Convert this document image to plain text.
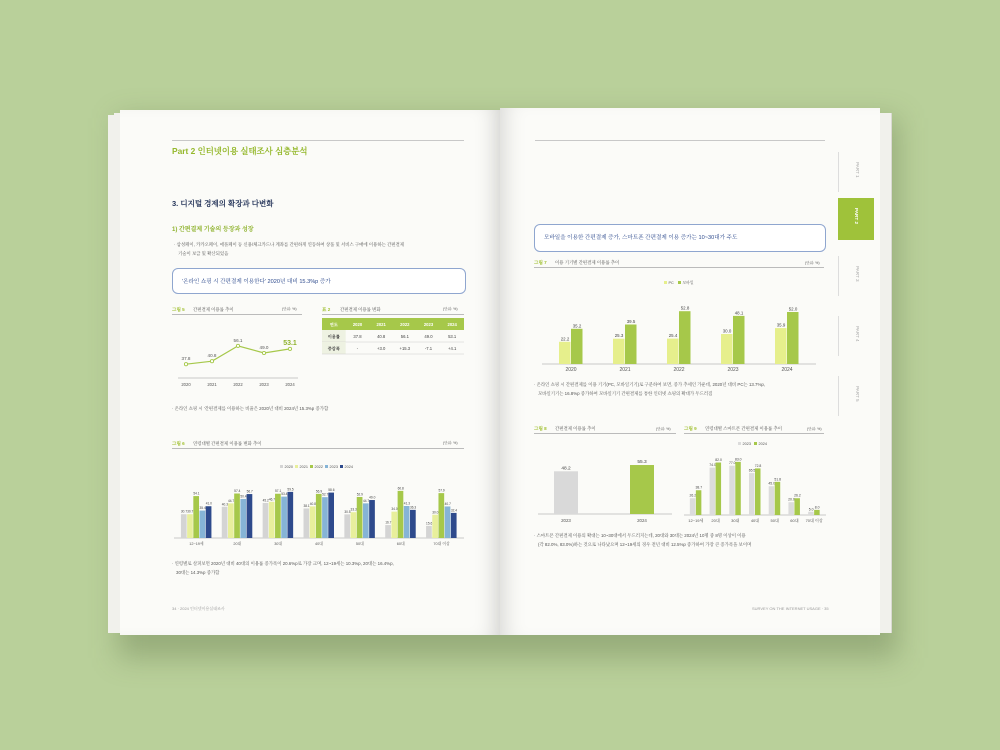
Part 2 인터넷이용 실태조사 심층분석
3. 디지털 경제의 확장과 다변화
1) 간편결제 기술의 등장과 성장
· 삼성페이, 카카오페이, 애플페이 등 신용/체크카드나 계좌를 간편하게 연동하여 상품 및 서비스 구매에 이용하는 간편결제
기술이 보급 및 확산되었음
'온라인 쇼핑 시 간편결제 이용한다' 2020년 대비 15.3%p 증가
그림 5 간편결제 이용률 추이	(단위: %)
37.8
2020
40.8
2021
56.1
2022
49.0
2023
53.1
2024
표 2 간편결제 이용률 변화	(단위: %)
연도	2020	2021	2022	2023	2024
이용률	37.8	40.8	56.1	49.0	53.1
증감폭	-	+3.0	+15.3	-7.1	+4.1
· 온라인 쇼핑 시 '간편결제를 이용하는 비율은 2020년 대비 2024년 15.3%p 증가함
그림 6 연령대별 간편결제 이용률 변화 추이	(단위: %)
30.7 30.7
54.1
35.4
41.0
12~19세
40.3
44.7
57.4
50.4
56.7
20대
45.2 46.7
57.1
53.4
59.5
30대
38.1
40.8
56.9
52.7
58.6
40대
30.5
33.3
52.9
44.7
49.0
50대
16.7
34.0
60.8
41.3
36.3
60대
15.6
30.0
57.9
40.7
32.4
70대 이상
2020 2021 2022 2023 2024
· 연령별로 살펴보면 2020년 대비 40대의 이용률 증가폭이 20.6%p로 가장 크며, 12~19세는 10.3%p, 20대는 16.4%p,
30대는 14.3%p 증가함
34 · 2024 인터넷이용실태조사
PART 1
PART 2
PART 3
PART 4
PART 5
모바일을 이용한 간편결제 증가, 스마트폰 간편결제 이용 증가는 10~30대가 주도
그림 7 이용 기기별 간편결제 이용률 추이	(단위: %)
22.2
35.2
2020
25.3
39.5
2021
25.4
52.8
2022
30.0
48.1
2023
35.9
52.0
2024
PC 모바일
· 온라인 쇼핑 시 간편결제를 이용 기기(PC, 모바일기기)로 구분하여 보면, 증가 추세인 가운데, 2020년 대비 PC는 13.7%p,
모바일기기는 16.8%p 증가하여 모바일기기 간편결제를 통한 인터넷 쇼핑의 확대가 두드러짐
그림 8 간편결제 이용률 추이	(단위: %)
48.2
2023
55.3
2024
그림 9 연령대별 스마트폰 간편결제 이용률 추이	(단위: %)
26.2
38.7
12~19세
74.0
82.0
20대
77.0
83.0
30대
65.5
72.8
40대
45.0
51.8
50대
20.0
26.2
60대
5.0 8.0
70대 이상
2023 2024
· 스마트폰 간편결제 이용의 확대는 10~30대에서 두드러지는데, 20대와 30대는 2024년 10명 중 8명 이상이 이용
(각 82.0%, 83.0%)하는 것으로 나타났으며 12~19세의 경우 전년 대비 12.5%p 증가하여 가장 큰 증가폭을 보이며
SURVEY ON THE INTERNET USAGE · 35
